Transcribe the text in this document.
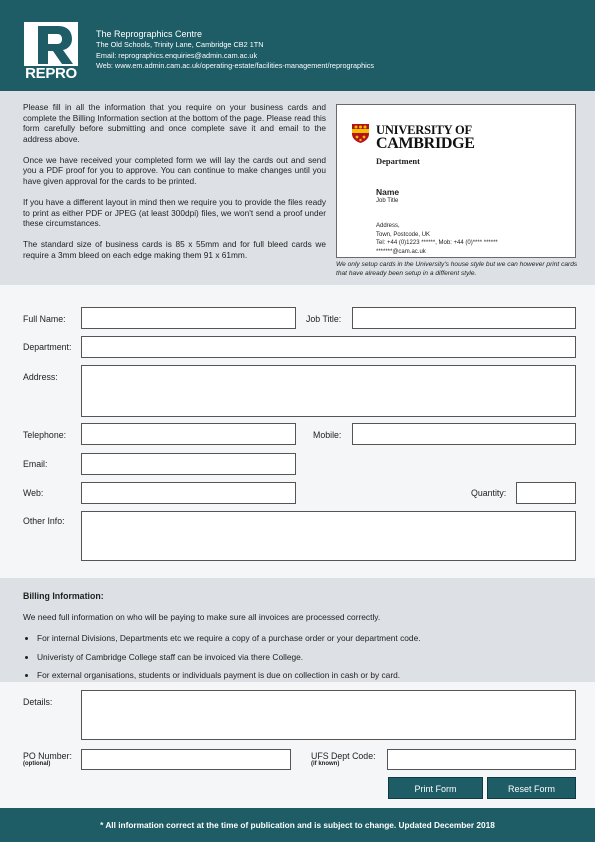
REPRO
The Reprographics Centre
The Old Schools, Trinity Lane, Cambridge CB2 1TN
Email: reprographics.enquiries@admin.cam.ac.uk
Web: www.em.admin.cam.ac.uk/operating-estate/facilities-management/reprographics

Please fill in all the information that you require on your business cards and complete the Billing Information section at the bottom of the page. Please read this form carefully before submitting and once complete save it and email to the address above.

Once we have received your completed form we will lay the cards out and send you a PDF proof for you to approve. You can continue to make changes until you have given approval for the cards to be printed.

If you have a different layout in mind then we require you to provide the files ready to print as either PDF or JPEG (at least 300dpi) files, we won't send a proof under these circumstances.

The standard size of business cards is 85 x 55mm and for full bleed cards we require a 3mm bleed on each edge making them 91 x 61mm.

UNIVERSITY OF
CAMBRIDGE
Department
Name
Job Title
Address,
Town, Postcode, UK
Tel: +44 (0)1223 ******, Mob: +44 (0)**** ******
*******@cam.ac.uk
We only setup cards in the University's house style but we can however print cards that have already been setup in a different style.
Full Name:	Job Title:
Department:
Address:
Telephone:	Mobile:
Email:
Web:	Quantity:
Other Info:
Billing Information:
We need full information on who will be paying to make sure all invoices are processed correctly.
• For internal Divisions, Departments etc we require a copy of a purchase order or your department code.
• Univeristy of Cambridge College staff can be invoiced via there College.
• For external organisations, students or individuals payment is due on collection in cash or by card.
Details:
PO Number:
(optional)
UFS Dept Code:
(if known)
Print Form	Reset Form
* All information correct at the time of publication and is subject to change. Updated December 2018
